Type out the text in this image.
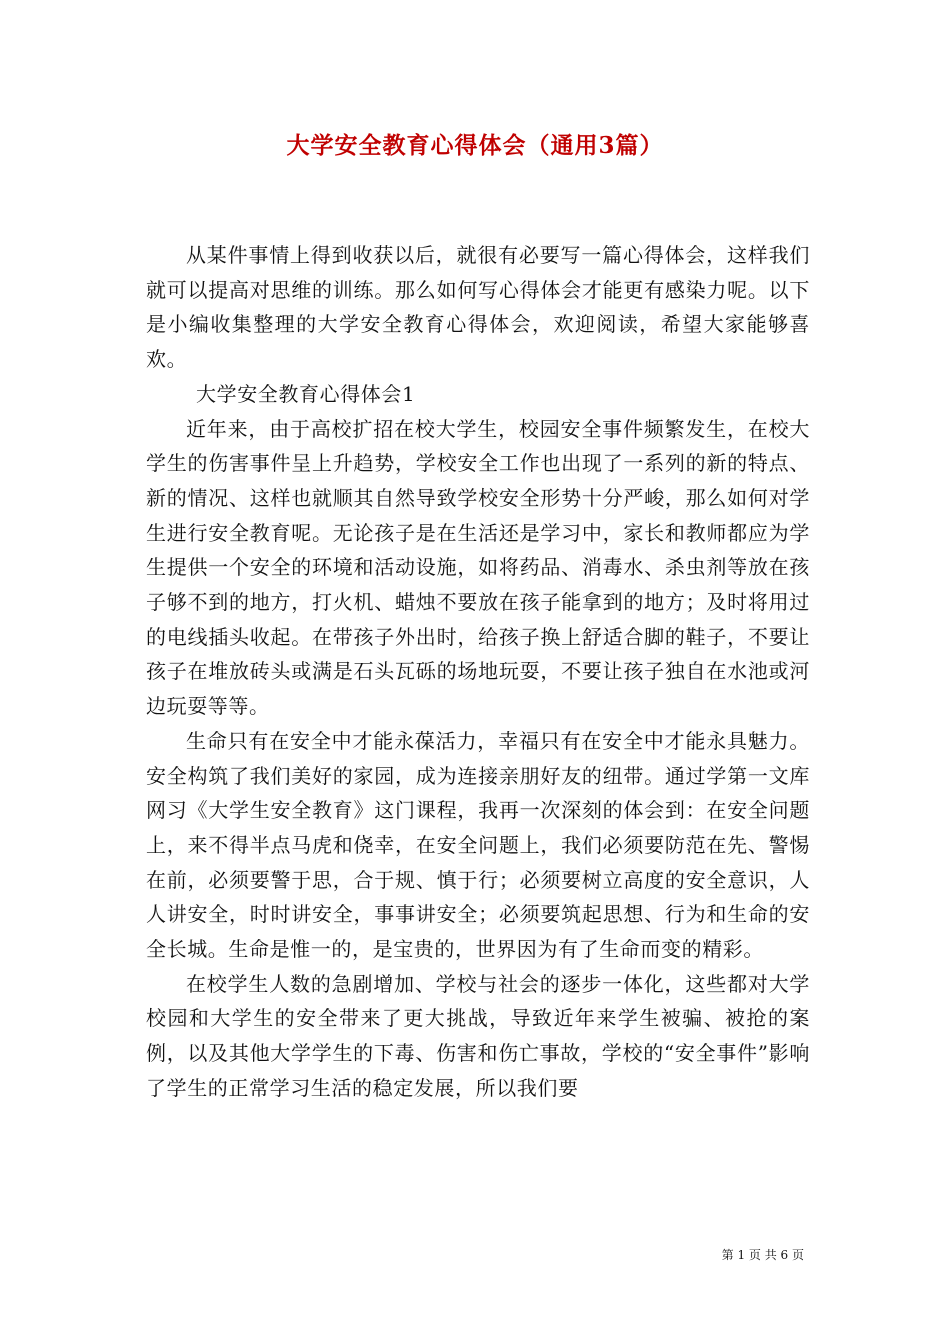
大学安全教育心得体会（通用3篇）

从某件事情上得到收获以后，就很有必要写一篇心得体会，这样我们就可以提高对思维的训练。那么如何写心得体会才能更有感染力呢。以下是小编收集整理的大学安全教育心得体会，欢迎阅读，希望大家能够喜欢。

大学安全教育心得体会1

近年来，由于高校扩招在校大学生，校园安全事件频繁发生，在校大学生的伤害事件呈上升趋势，学校安全工作也出现了一系列的新的特点、新的情况、这样也就顺其自然导致学校安全形势十分严峻，那么如何对学生进行安全教育呢。无论孩子是在生活还是学习中，家长和教师都应为学生提供一个安全的环境和活动设施，如将药品、消毒水、杀虫剂等放在孩子够不到的地方，打火机、蜡烛不要放在孩子能拿到的地方；及时将用过的电线插头收起。在带孩子外出时，给孩子换上舒适合脚的鞋子，不要让孩子在堆放砖头或满是石头瓦砾的场地玩耍，不要让孩子独自在水池或河边玩耍等等。

生命只有在安全中才能永葆活力，幸福只有在安全中才能永具魅力。安全构筑了我们美好的家园，成为连接亲朋好友的纽带。通过学第一文库网习《大学生安全教育》这门课程，我再一次深刻的体会到：在安全问题上，来不得半点马虎和侥幸，在安全问题上，我们必须要防范在先、警惕在前，必须要警于思，合于规、慎于行；必须要树立高度的安全意识，人人讲安全，时时讲安全，事事讲安全；必须要筑起思想、行为和生命的安全长城。生命是惟一的，是宝贵的，世界因为有了生命而变的精彩。

在校学生人数的急剧增加、学校与社会的逐步一体化，这些都对大学校园和大学生的安全带来了更大挑战，导致近年来学生被骗、被抢的案例，以及其他大学学生的下毒、伤害和伤亡事故，学校的“安全事件”影响了学生的正常学习生活的稳定发展，所以我们要

第 1 页 共 6 页
